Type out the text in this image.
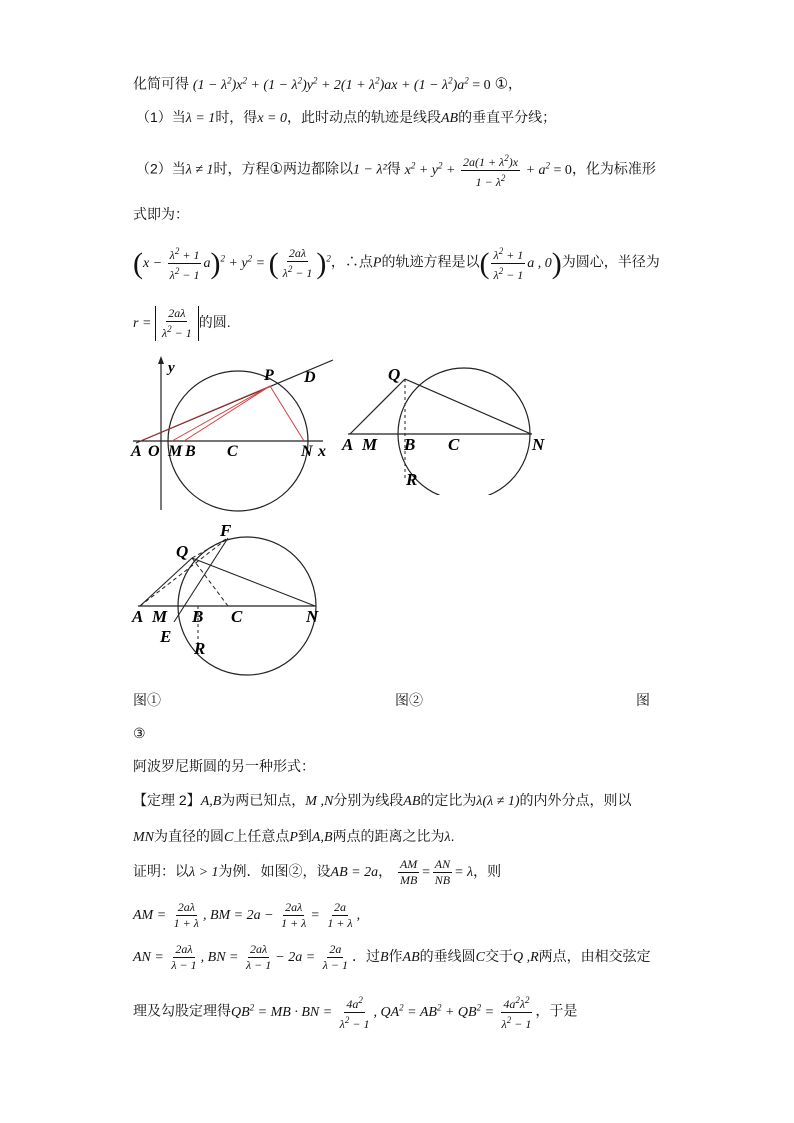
化简可得 $(1 - \lambda^2)x^2 + (1 - \lambda^2)y^2 + 2(1 + \lambda^2)ax + (1 - \lambda^2)a^2 = 0$ ①，
（1）当λ = 1时，得x = 0，此时动点的轨迹是线段AB的垂直平分线；
（2）当λ ≠ 1时，方程①两边都除以1 − λ²得 $x^2 + y^2 + \frac{2a(1 + \lambda^2)x}{1 - \lambda^2} + a^2 = 0$，化为标准形
式即为：
$(x - \frac{\lambda^2 + 1}{\lambda^2 - 1} a)^2 + y^2$ = ( $\frac{2a\lambda}{\lambda^2 - 1} )^2$，∴点P的轨迹方程是以( $\frac{\lambda^2 + 1}{\lambda^2 - 1}$ a , 0)为圆心，半径为
$r = \frac{2a\lambda}{\lambda^2 - 1}$ 的圆.
y	P D
A O M B C	N x
Q
A M B C	N
R
F
Q
A M B C	N
E
R
图①	图②	图
③
阿波罗尼斯圆的另一种形式：
【定理 2】A,B为两已知点，M ,N分别为线段AB的定比为λ(λ ≠ 1)的内外分点，则以
MN为直径的圆C上任意点P到A,B两点的距离之比为λ.
证明：以λ > 1为例．如图②，设AB = 2a， $\frac{AM}{MB} = \frac{AN}{NB} = \lambda$，则
AM = $\frac{2a\lambda}{1 + \lambda}$ , BM = $2a - \frac{2a\lambda}{1 + \lambda} = \frac{2a}{1 + \lambda}$ ,
AN = $\frac{2a\lambda}{\lambda - 1}$ , BN = $\frac{2a\lambda}{\lambda - 1} - 2a = \frac{2a}{\lambda - 1}$ ．过B作AB的垂线圆C交于Q ,R两点，由相交弦定
理及勾股定理得$QB^2$ = MB · BN = $\frac{4a^2}{\lambda^2 - 1}$ , $QA^2 = AB^2 + QB^2 = \frac{4a^2\lambda^2}{\lambda^2 - 1}$ ，于是
